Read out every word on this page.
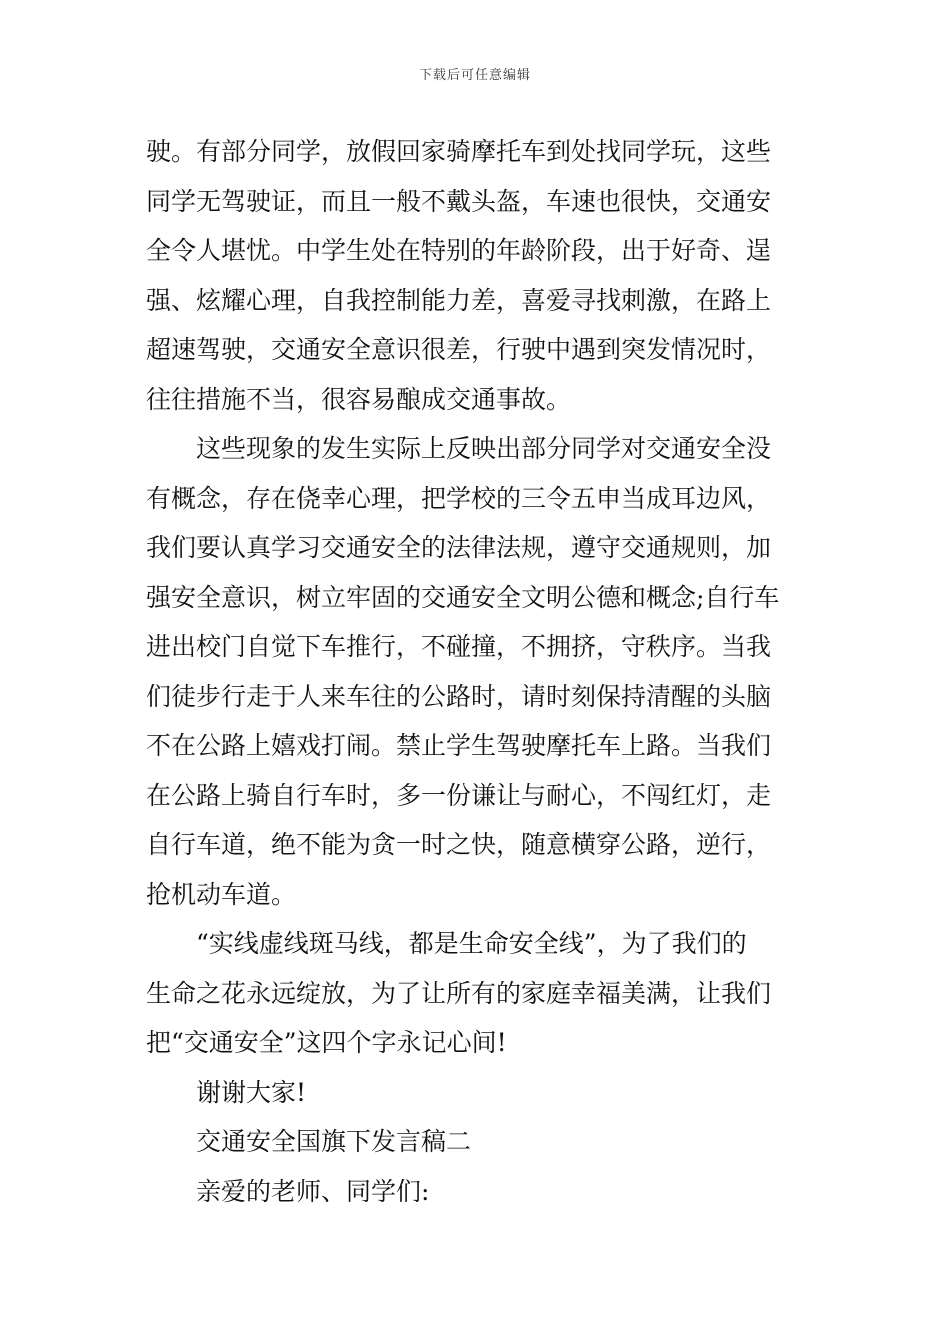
下载后可任意编辑
驶。有部分同学，放假回家骑摩托车到处找同学玩，这些
同学无驾驶证，而且一般不戴头盔，车速也很快，交通安
全令人堪忧。中学生处在特别的年龄阶段，出于好奇、逞
强、炫耀心理，自我控制能力差，喜爱寻找刺激，在路上
超速驾驶，交通安全意识很差，行驶中遇到突发情况时，
往往措施不当，很容易酿成交通事故。
这些现象的发生实际上反映出部分同学对交通安全没
有概念，存在侥幸心理，把学校的三令五申当成耳边风，
我们要认真学习交通安全的法律法规，遵守交通规则，加
强安全意识，树立牢固的交通安全文明公德和概念;自行车
进出校门自觉下车推行，不碰撞，不拥挤，守秩序。当我
们徒步行走于人来车往的公路时，请时刻保持清醒的头脑
不在公路上嬉戏打闹。禁止学生驾驶摩托车上路。当我们
在公路上骑自行车时，多一份谦让与耐心，不闯红灯，走
自行车道，绝不能为贪一时之快，随意横穿公路，逆行，
抢机动车道。
“实线虚线斑马线，都是生命安全线”，为了我们的
生命之花永远绽放，为了让所有的家庭幸福美满，让我们
把“交通安全”这四个字永记心间!
谢谢大家!
交通安全国旗下发言稿二
亲爱的老师、同学们:
